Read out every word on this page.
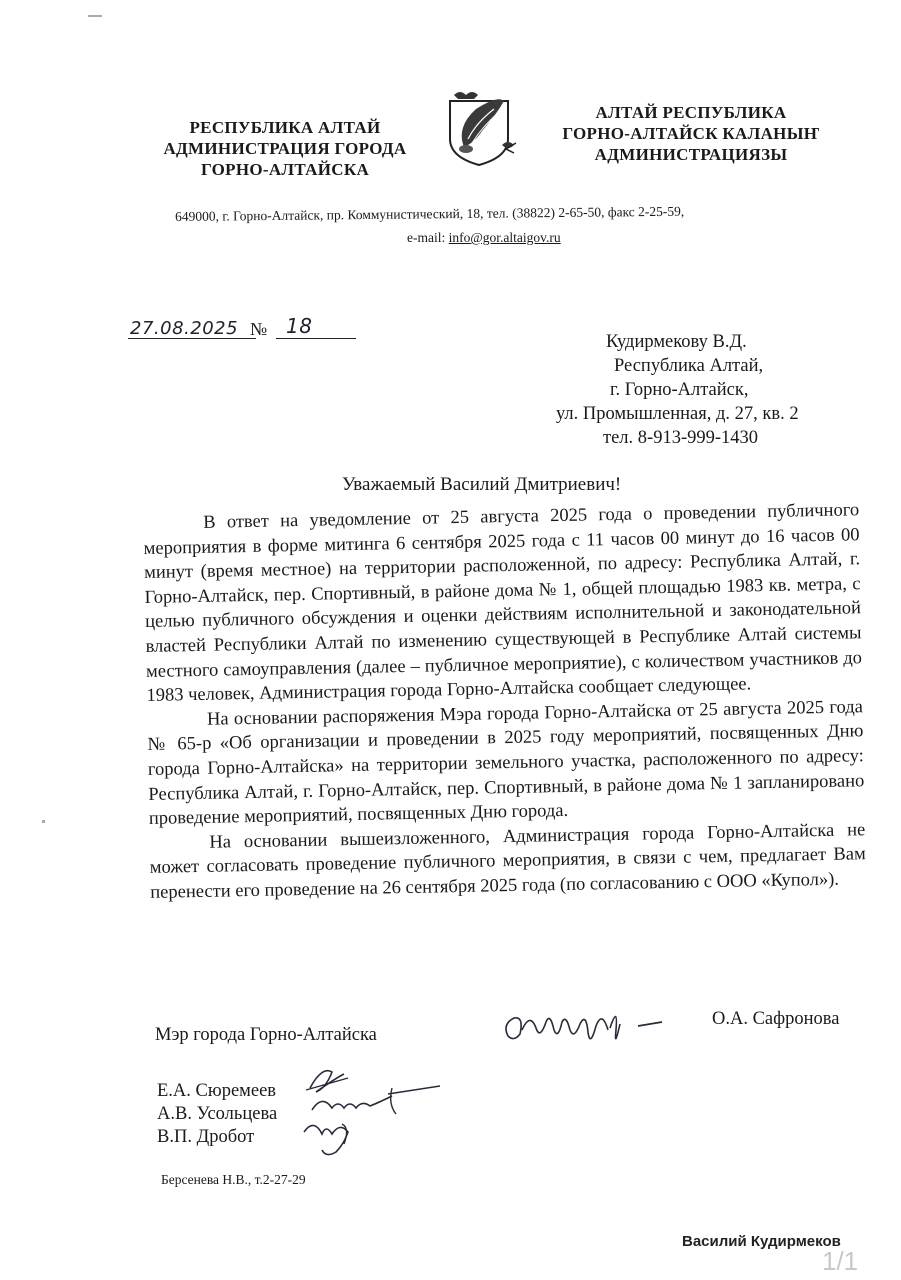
РЕСПУБЛИКА АЛТАЙ
АДМИНИСТРАЦИЯ ГОРОДА
ГОРНО-АЛТАЙСКА
АЛТАЙ РЕСПУБЛИКА
ГОРНО-АЛТАЙСК КАЛАНЫҤ
АДМИНИСТРАЦИЯЗЫ
649000, г. Горно-Алтайск, пр. Коммунистический, 18, тел. (38822) 2-65-50, факс 2-25-59,
e-mail: info@gor.altaigov.ru
27.08.2025 № 18
Кудирмекову В.Д.
Республика Алтай,
г. Горно-Алтайск,
ул. Промышленная, д. 27, кв. 2
тел. 8-913-999-1430
Уважаемый Василий Дмитриевич!

В ответ на уведомление от 25 августа 2025 года о проведении публичного мероприятия в форме митинга 6 сентября 2025 года с 11 часов 00 минут до 16 часов 00 минут (время местное) на территории расположенной, по адресу: Республика Алтай, г. Горно-Алтайск, пер. Спортивный, в районе дома № 1, общей площадью 1983 кв. метра, с целью публичного обсуждения и оценки действиям исполнительной и законодательной властей Республики Алтай по изменению существующей в Республике Алтай системы местного самоуправления (далее – публичное мероприятие), с количеством участников до 1983 человек, Администрация города Горно-Алтайска сообщает следующее.

На основании распоряжения Мэра города Горно-Алтайска от 25 августа 2025 года № 65-р «Об организации и проведении в 2025 году мероприятий, посвященных Дню города Горно-Алтайска» на территории земельного участка, расположенного по адресу: Республика Алтай, г. Горно-Алтайск, пер. Спортивный, в районе дома № 1 запланировано проведение мероприятий, посвященных Дню города.

На основании вышеизложенного, Администрация города Горно-Алтайска не может согласовать проведение публичного мероприятия, в связи с чем, предлагает Вам перенести его проведение на 26 сентября 2025 года (по согласованию с ООО «Купол»).

Мэр города Горно-Алтайска
О.А. Сафронова
Е.А. Сюремеев
А.В. Усольцева
В.П. Дробот
Берсенева Н.В., т.2-27-29
Василий Кудирмеков
1/1
